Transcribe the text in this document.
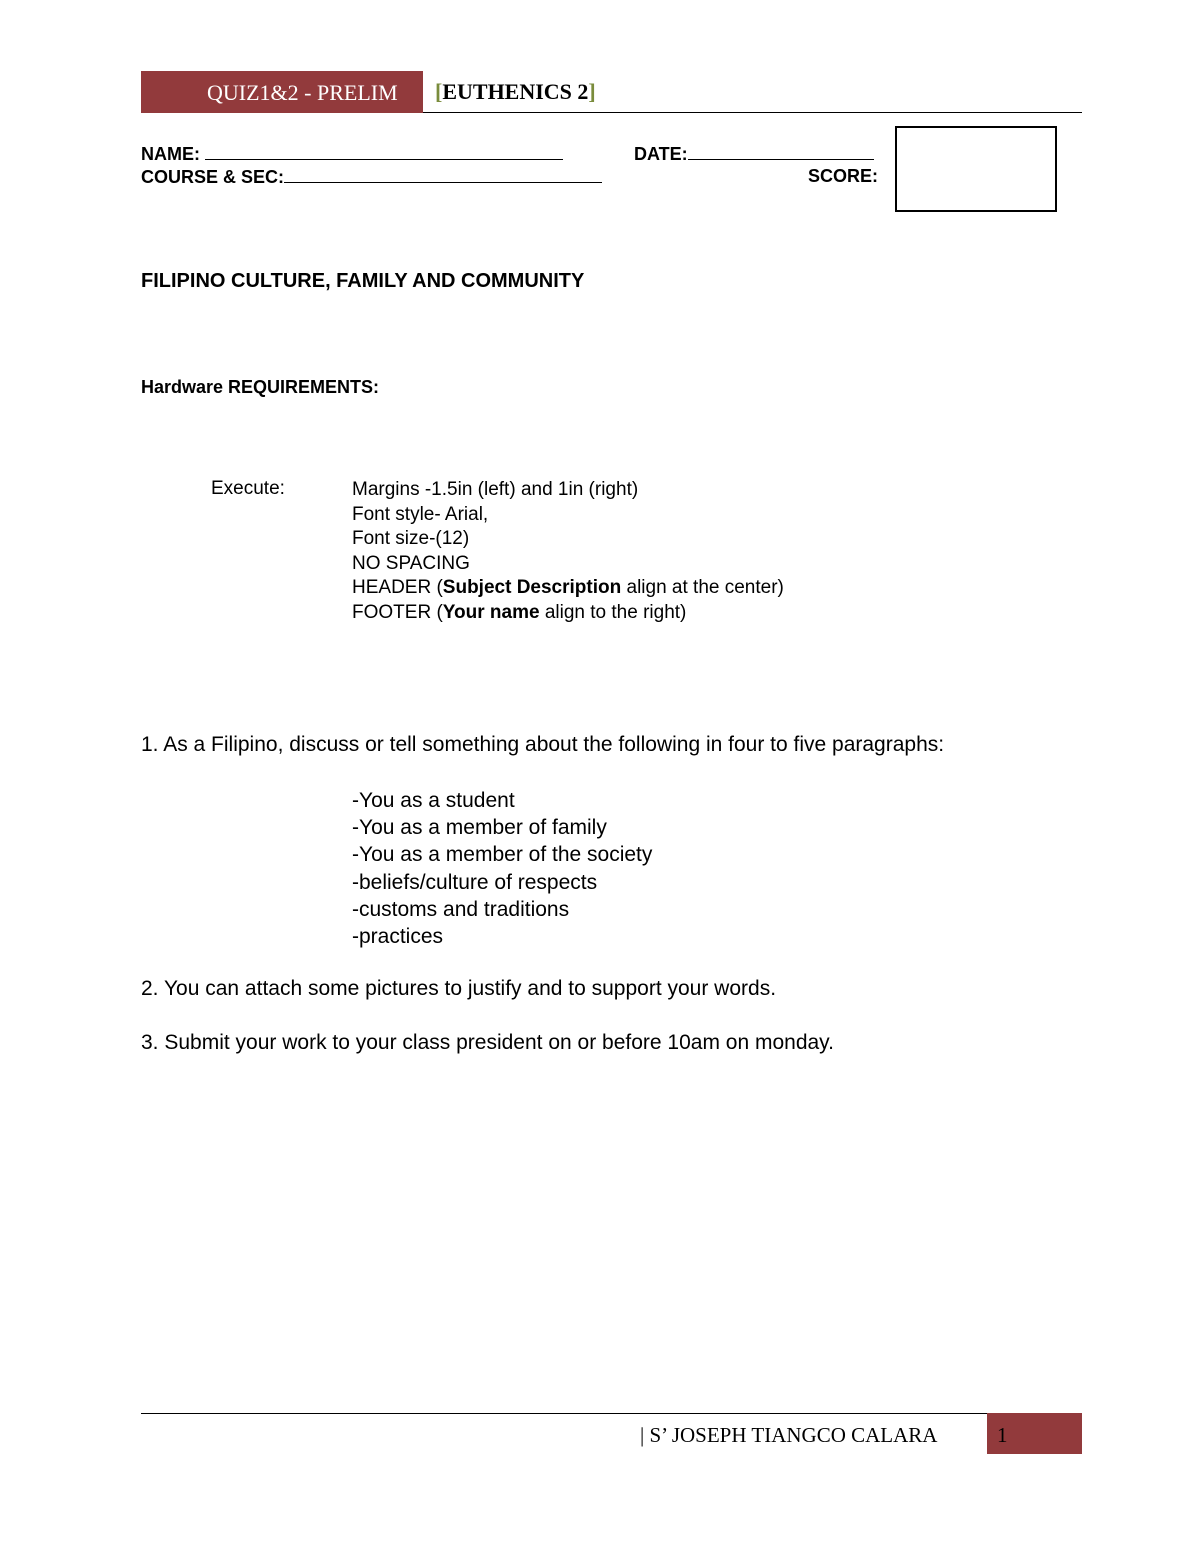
QUIZ1&2 - PRELIM [EUTHENICS 2]
NAME:	DATE:
COURSE & SEC:	SCORE:
FILIPINO CULTURE, FAMILY AND COMMUNITY
Hardware REQUIREMENTS:
Execute:	Margins -1.5in (left) and 1in (right)
Font style- Arial,
Font size-(12)
NO SPACING
HEADER (Subject Description align at the center)
FOOTER (Your name align to the right)
1. As a Filipino, discuss or tell something about the following in four to five paragraphs:
-You as a student
-You as a member of family
-You as a member of the society
-beliefs/culture of respects
-customs and traditions
-practices
2. You can attach some pictures to justify and to support your words.
3. Submit your work to your class president on or before 10am on monday.
| S’ JOSEPH TIANGCO CALARA	1
